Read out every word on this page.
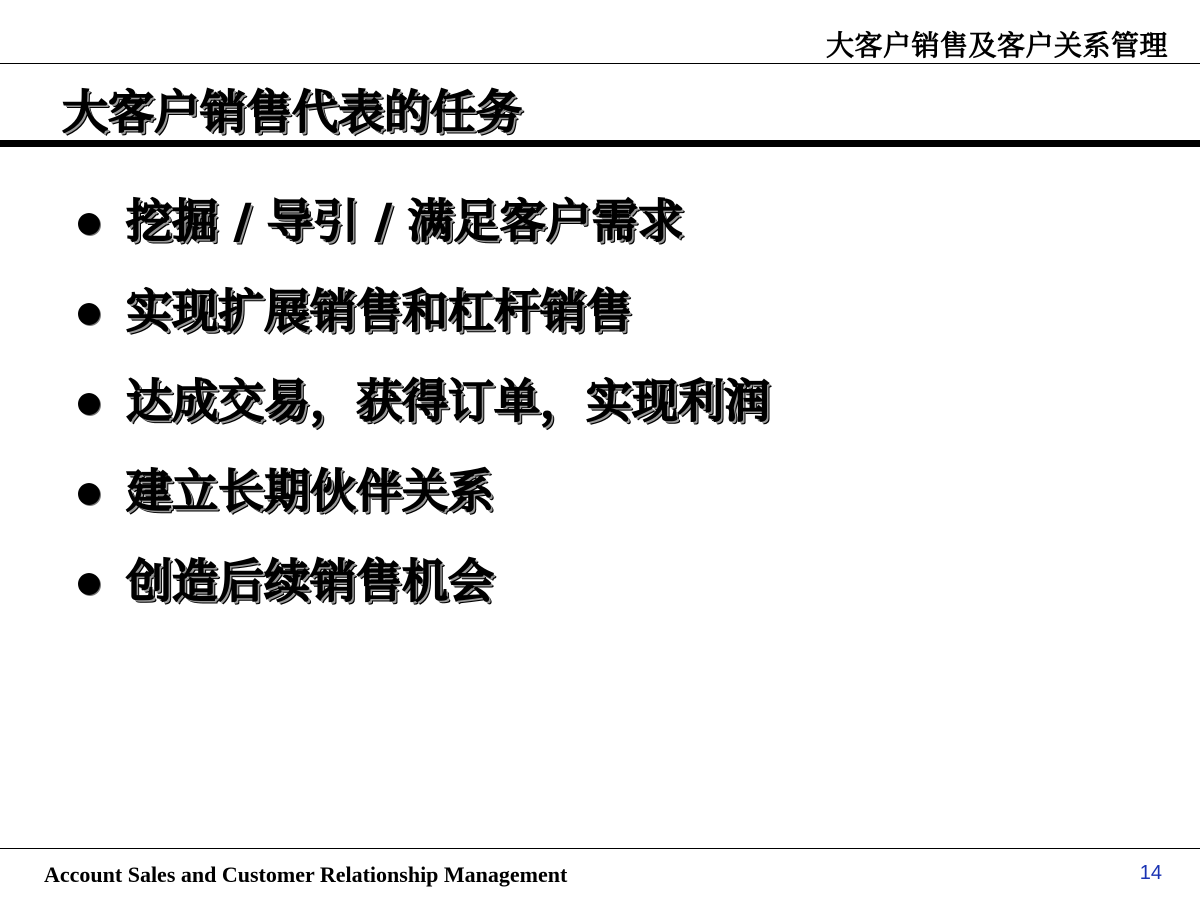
大客户销售及客户关系管理
大客户销售代表的任务
挖掘 / 导引 / 满足客户需求
实现扩展销售和杠杆销售
达成交易，获得订单，实现利润
建立长期伙伴关系
创造后续销售机会
Account Sales and Customer Relationship Management	14
